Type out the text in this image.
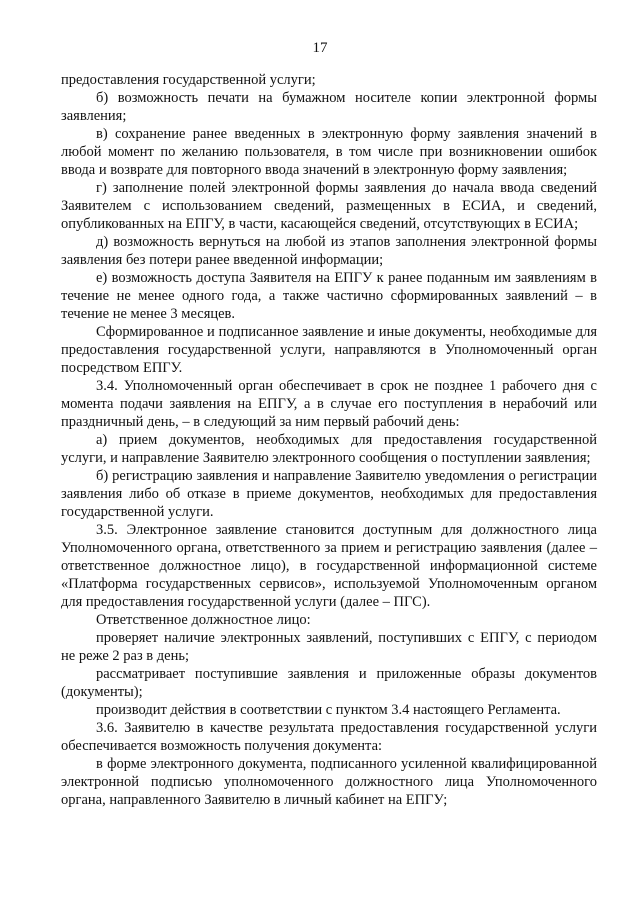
17

предоставления государственной услуги;

б) возможность печати на бумажном носителе копии электронной формы заявления;

в) сохранение ранее введенных в электронную форму заявления значений в любой момент по желанию пользователя, в том числе при возникновении ошибок ввода и возврате для повторного ввода значений в электронную форму заявления;

г) заполнение полей электронной формы заявления до начала ввода сведений Заявителем с использованием сведений, размещенных в ЕСИА, и сведений, опубликованных на ЕПГУ, в части, касающейся сведений, отсутствующих в ЕСИА;

д) возможность вернуться на любой из этапов заполнения электронной формы заявления без потери ранее введенной информации;

е) возможность доступа Заявителя на ЕПГУ к ранее поданным им заявлениям в течение не менее одного года, а также частично сформированных заявлений – в течение не менее 3 месяцев.

Сформированное и подписанное заявление и иные документы, необходимые для предоставления государственной услуги, направляются в Уполномоченный орган посредством ЕПГУ.

3.4. Уполномоченный орган обеспечивает в срок не позднее 1 рабочего дня с момента подачи заявления на ЕПГУ, а в случае его поступления в нерабочий или праздничный день, – в следующий за ним первый рабочий день:

а) прием документов, необходимых для предоставления государственной услуги, и направление Заявителю электронного сообщения о поступлении заявления;

б) регистрацию заявления и направление Заявителю уведомления о регистрации заявления либо об отказе в приеме документов, необходимых для предоставления государственной услуги.

3.5. Электронное заявление становится доступным для должностного лица Уполномоченного органа, ответственного за прием и регистрацию заявления (далее – ответственное должностное лицо), в государственной информационной системе «Платформа государственных сервисов», используемой Уполномоченным органом для предоставления государственной услуги (далее – ПГС).

Ответственное должностное лицо:

проверяет наличие электронных заявлений, поступивших с ЕПГУ, с периодом не реже 2 раз в день;

рассматривает поступившие заявления и приложенные образы документов (документы);

производит действия в соответствии с пунктом 3.4 настоящего Регламента.

3.6. Заявителю в качестве результата предоставления государственной услуги обеспечивается возможность получения документа:

в форме электронного документа, подписанного усиленной квалифицированной электронной подписью уполномоченного должностного лица Уполномоченного органа, направленного Заявителю в личный кабинет на ЕПГУ;
